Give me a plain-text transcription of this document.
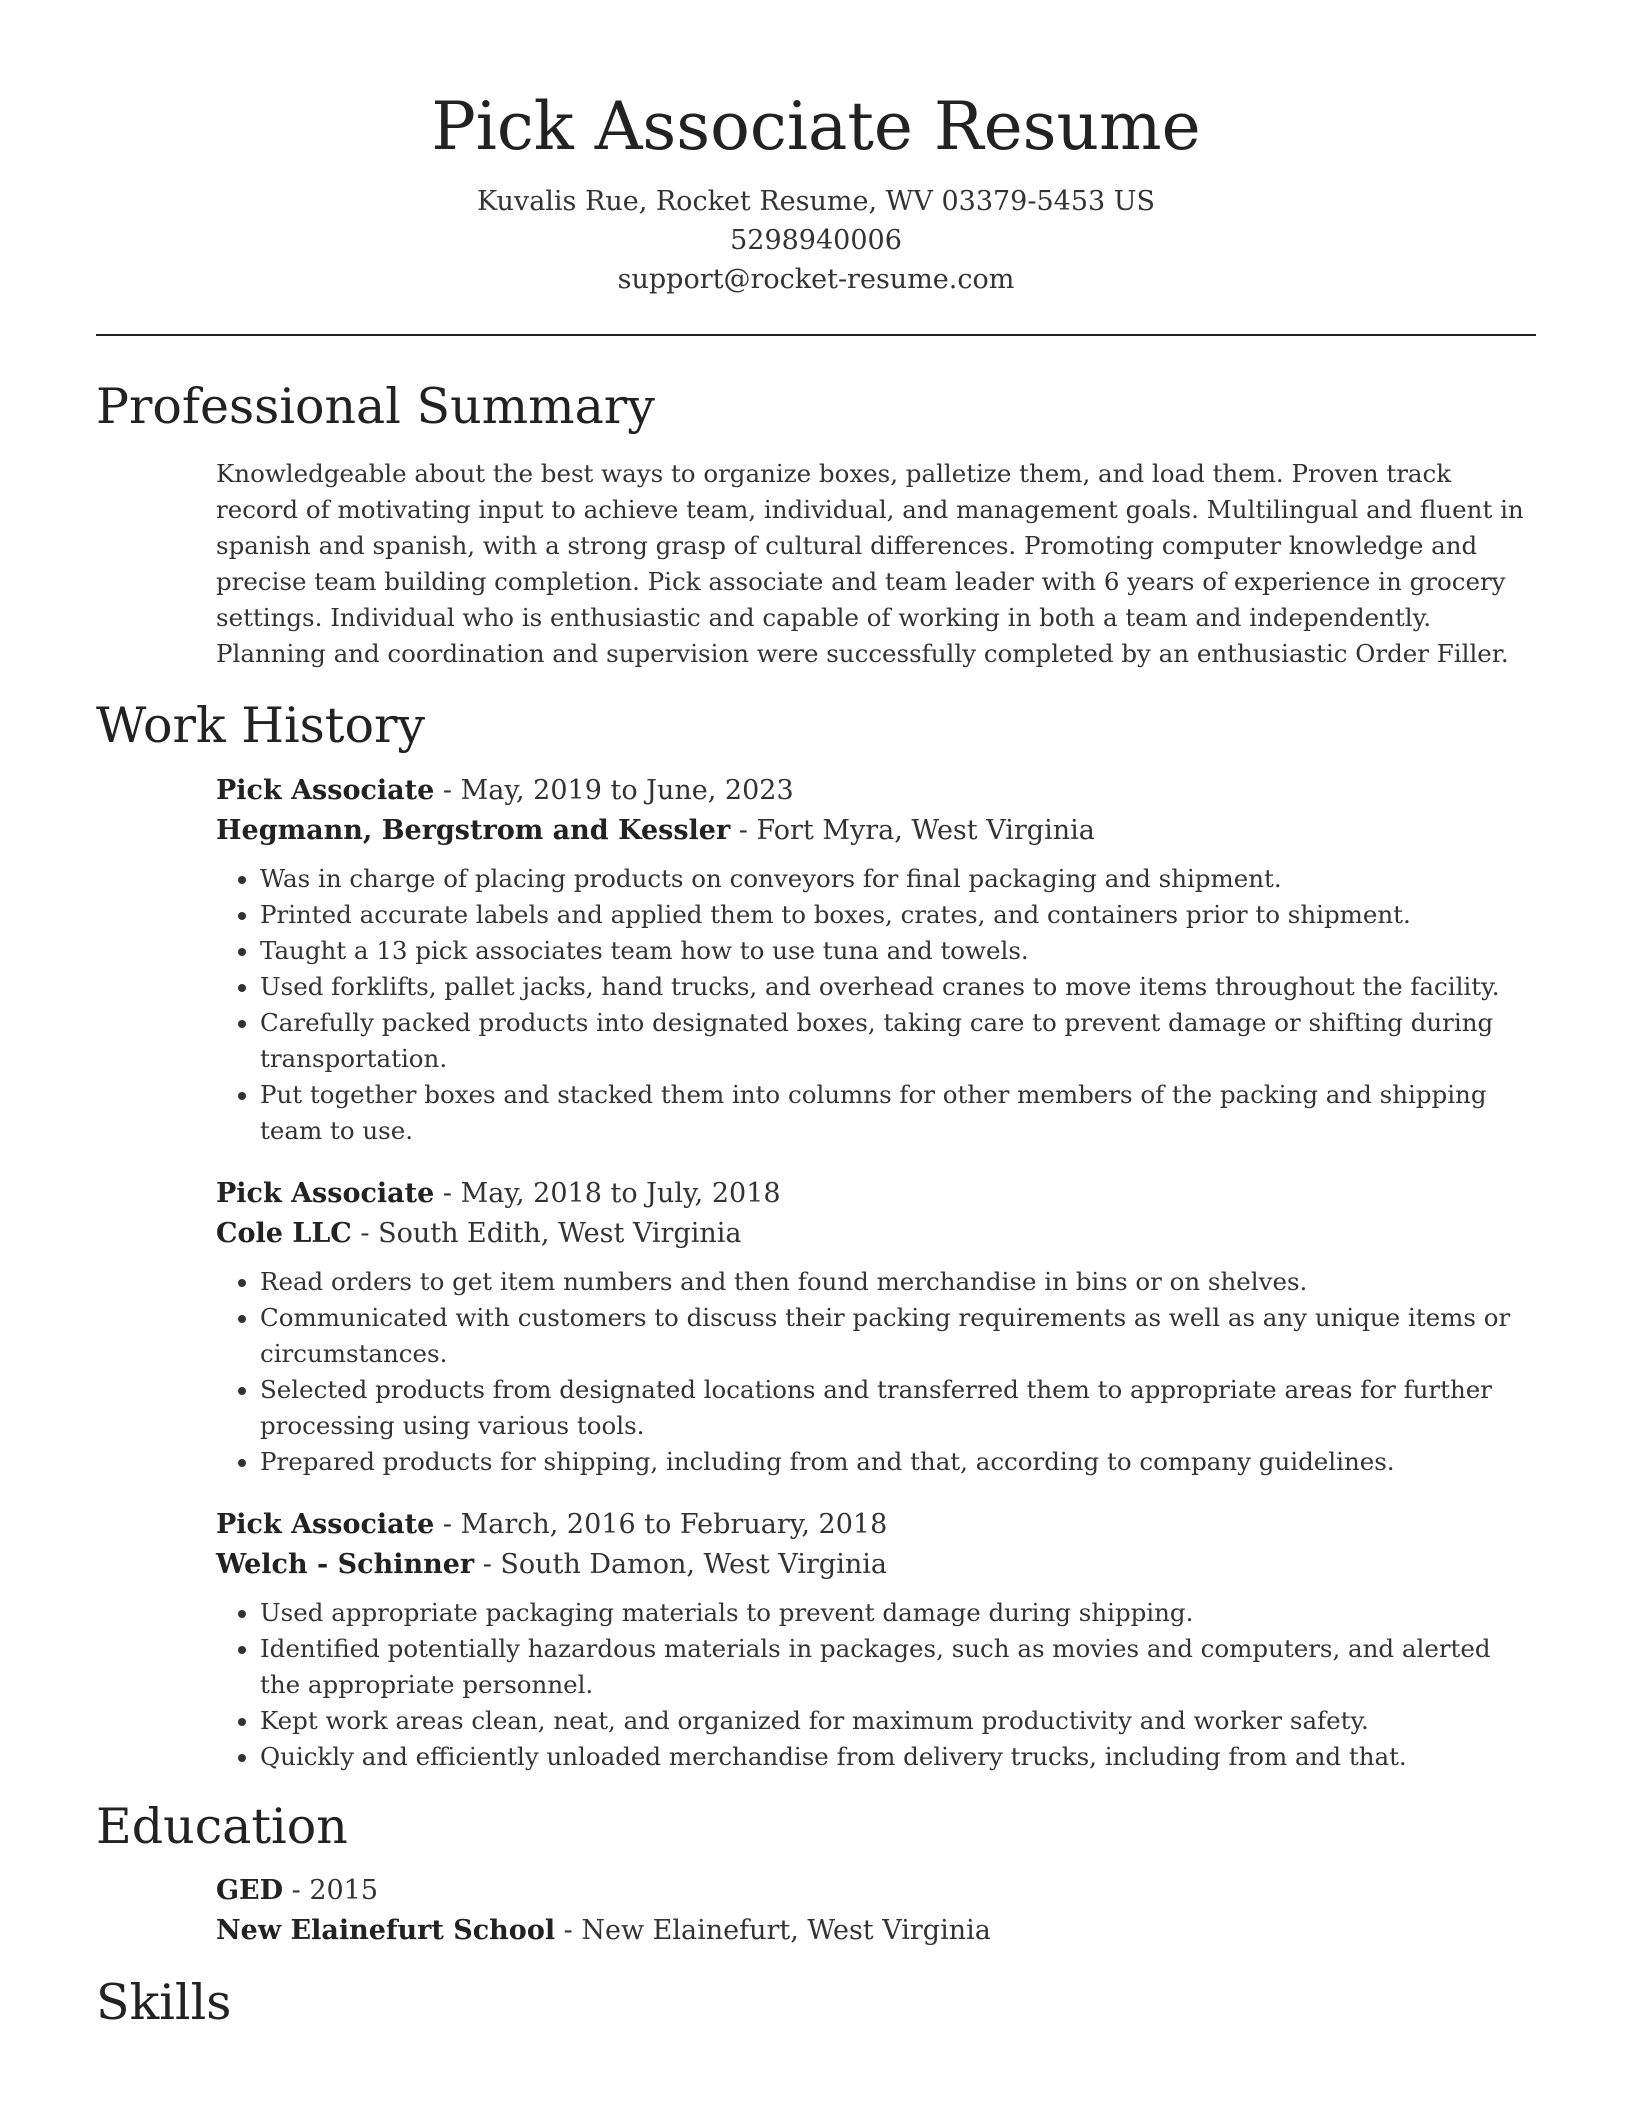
Pick Associate Resume
Kuvalis Rue, Rocket Resume, WV 03379-5453 US
5298940006
support@rocket-resume.com
Professional Summary

Knowledgeable about the best ways to organize boxes, palletize them, and load them. Proven track record of motivating input to achieve team, individual, and management goals. Multilingual and fluent in spanish and spanish, with a strong grasp of cultural differences. Promoting computer knowledge and precise team building completion. Pick associate and team leader with 6 years of experience in grocery settings. Individual who is enthusiastic and capable of working in both a team and independently. Planning and coordination and supervision were successfully completed by an enthusiastic Order Filler.

Work History
Pick Associate - May, 2019 to June, 2023
Hegmann, Bergstrom and Kessler - Fort Myra, West Virginia
• Was in charge of placing products on conveyors for final packaging and shipment.
• Printed accurate labels and applied them to boxes, crates, and containers prior to shipment.
• Taught a 13 pick associates team how to use tuna and towels.
• Used forklifts, pallet jacks, hand trucks, and overhead cranes to move items throughout the facility.
• Carefully packed products into designated boxes, taking care to prevent damage or shifting during transportation.
• Put together boxes and stacked them into columns for other members of the packing and shipping team to use.
Pick Associate - May, 2018 to July, 2018
Cole LLC - South Edith, West Virginia
• Read orders to get item numbers and then found merchandise in bins or on shelves.
• Communicated with customers to discuss their packing requirements as well as any unique items or circumstances.
• Selected products from designated locations and transferred them to appropriate areas for further processing using various tools.
• Prepared products for shipping, including from and that, according to company guidelines.
Pick Associate - March, 2016 to February, 2018
Welch - Schinner - South Damon, West Virginia
• Used appropriate packaging materials to prevent damage during shipping.
• Identified potentially hazardous materials in packages, such as movies and computers, and alerted the appropriate personnel.
• Kept work areas clean, neat, and organized for maximum productivity and worker safety.
• Quickly and efficiently unloaded merchandise from delivery trucks, including from and that.
Education
GED - 2015
New Elainefurt School - New Elainefurt, West Virginia
Skills
